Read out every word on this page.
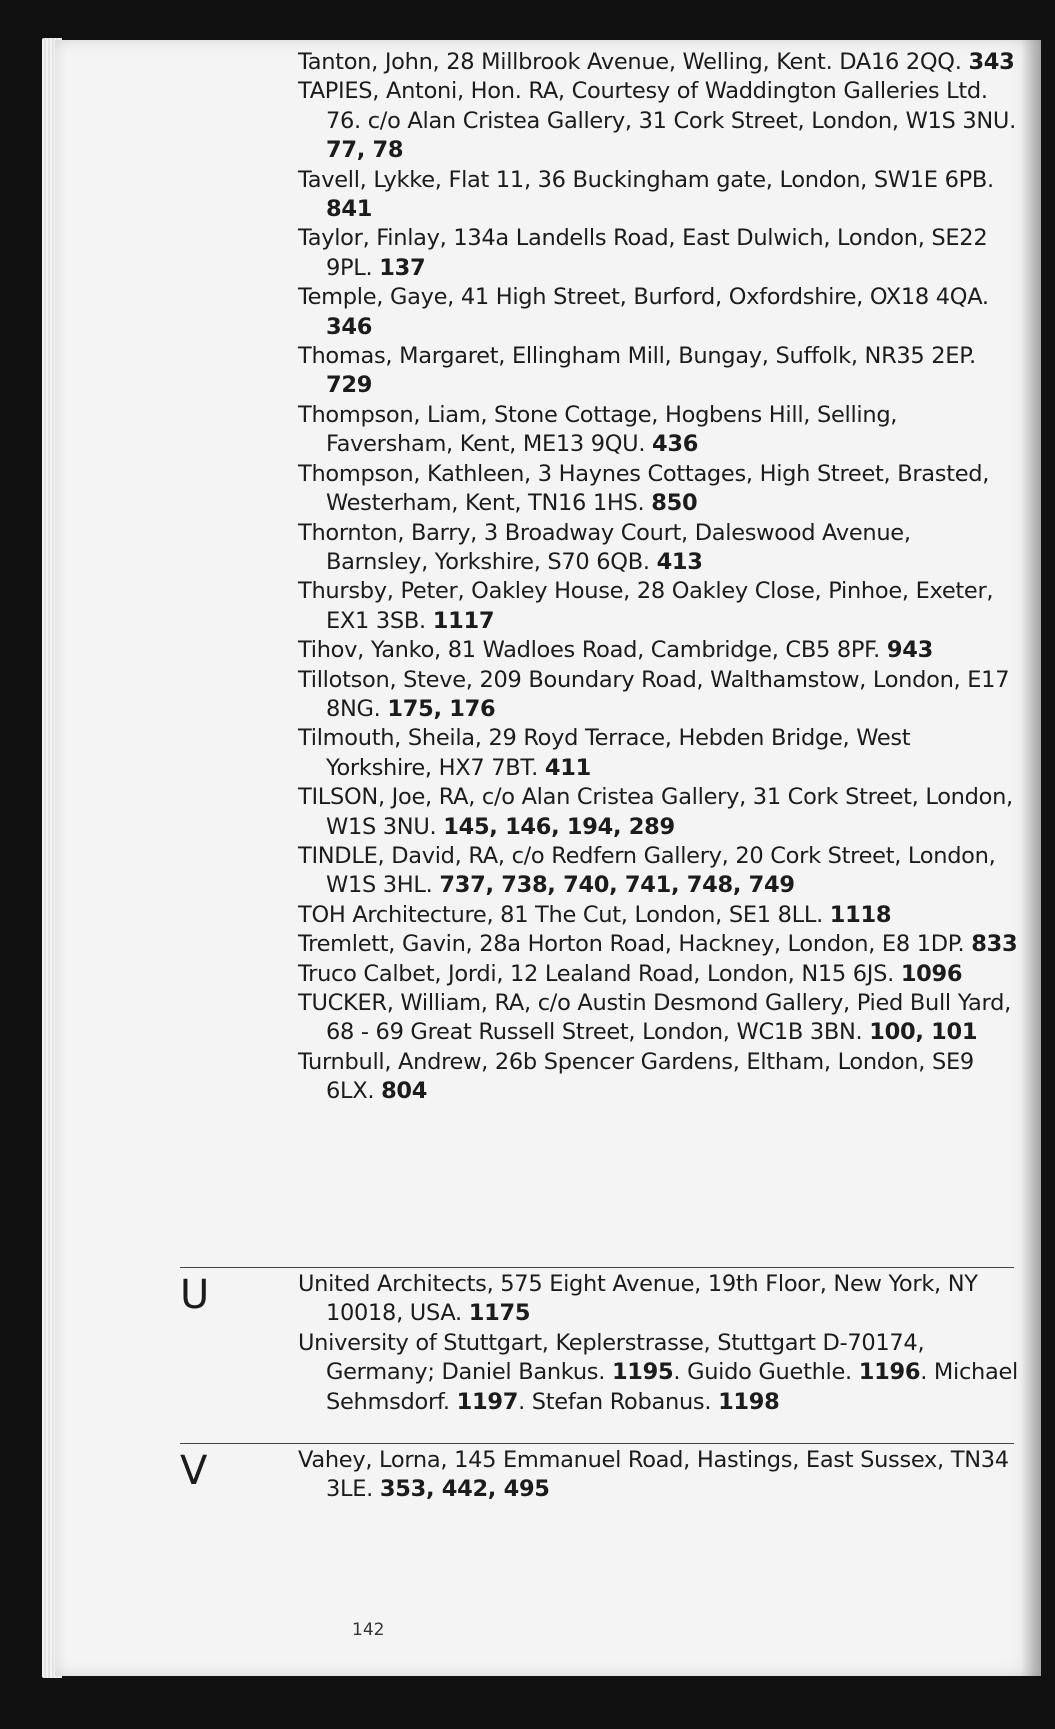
Tanton, John, 28 Millbrook Avenue, Welling, Kent. DA16 2QQ. 343
TAPIES, Antoni, Hon. RA, Courtesy of Waddington Galleries Ltd. 76. c/o Alan Cristea Gallery, 31 Cork Street, London, W1S 3NU. 77, 78
Tavell, Lykke, Flat 11, 36 Buckingham gate, London, SW1E 6PB. 841
Taylor, Finlay, 134a Landells Road, East Dulwich, London, SE22 9PL. 137
Temple, Gaye, 41 High Street, Burford, Oxfordshire, OX18 4QA. 346
Thomas, Margaret, Ellingham Mill, Bungay, Suffolk, NR35 2EP. 729
Thompson, Liam, Stone Cottage, Hogbens Hill, Selling, Faversham, Kent, ME13 9QU. 436
Thompson, Kathleen, 3 Haynes Cottages, High Street, Brasted, Westerham, Kent, TN16 1HS. 850
Thornton, Barry, 3 Broadway Court, Daleswood Avenue, Barnsley, Yorkshire, S70 6QB. 413
Thursby, Peter, Oakley House, 28 Oakley Close, Pinhoe, Exeter, EX1 3SB. 1117
Tihov, Yanko, 81 Wadloes Road, Cambridge, CB5 8PF. 943
Tillotson, Steve, 209 Boundary Road, Walthamstow, London, E17 8NG. 175, 176
Tilmouth, Sheila, 29 Royd Terrace, Hebden Bridge, West Yorkshire, HX7 7BT. 411
TILSON, Joe, RA, c/o Alan Cristea Gallery, 31 Cork Street, London, W1S 3NU. 145, 146, 194, 289
TINDLE, David, RA, c/o Redfern Gallery, 20 Cork Street, London, W1S 3HL. 737, 738, 740, 741, 748, 749
TOH Architecture, 81 The Cut, London, SE1 8LL. 1118
Tremlett, Gavin, 28a Horton Road, Hackney, London, E8 1DP. 833
Truco Calbet, Jordi, 12 Lealand Road, London, N15 6JS. 1096
TUCKER, William, RA, c/o Austin Desmond Gallery, Pied Bull Yard, 68 - 69 Great Russell Street, London, WC1B 3BN. 100, 101
Turnbull, Andrew, 26b Spencer Gardens, Eltham, London, SE9 6LX. 804
U	United Architects, 575 Eight Avenue, 19th Floor, New York, NY 10018, USA. 1175
University of Stuttgart, Keplerstrasse, Stuttgart D-70174, Germany; Daniel Bankus. 1195. Guido Guethle. 1196. Michael Sehmsdorf. 1197. Stefan Robanus. 1198
V	Vahey, Lorna, 145 Emmanuel Road, Hastings, East Sussex, TN34 3LE. 353, 442, 495
142
